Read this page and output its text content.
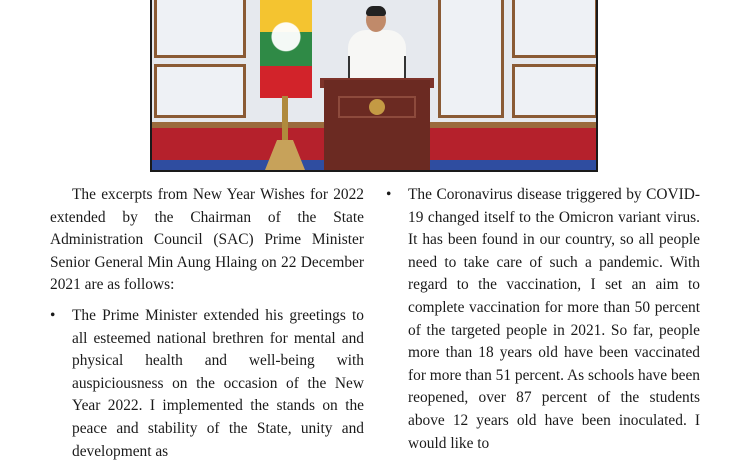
The excerpts from New Year Wishes for 2022 extended by the Chairman of the State Administration Council (SAC) Prime Minister Senior General Min Aung Hlaing on 22 December 2021 are as follows:

• The Prime Minister extended his greetings to all esteemed national brethren for mental and physical health and well-being with auspiciousness on the occasion of the New Year 2022. I implemented the stands on the peace and stability of the State, unity and development as

• The Coronavirus disease triggered by COVID-19 changed itself to the Omicron variant virus. It has been found in our country, so all people need to take care of such a pandemic. With regard to the vaccination, I set an aim to complete vaccination for more than 50 percent of the targeted people in 2021. So far, people more than 18 years old have been vaccinated for more than 51 percent. As schools have been reopened, over 87 percent of the students above 12 years old have been inoculated. I would like to
